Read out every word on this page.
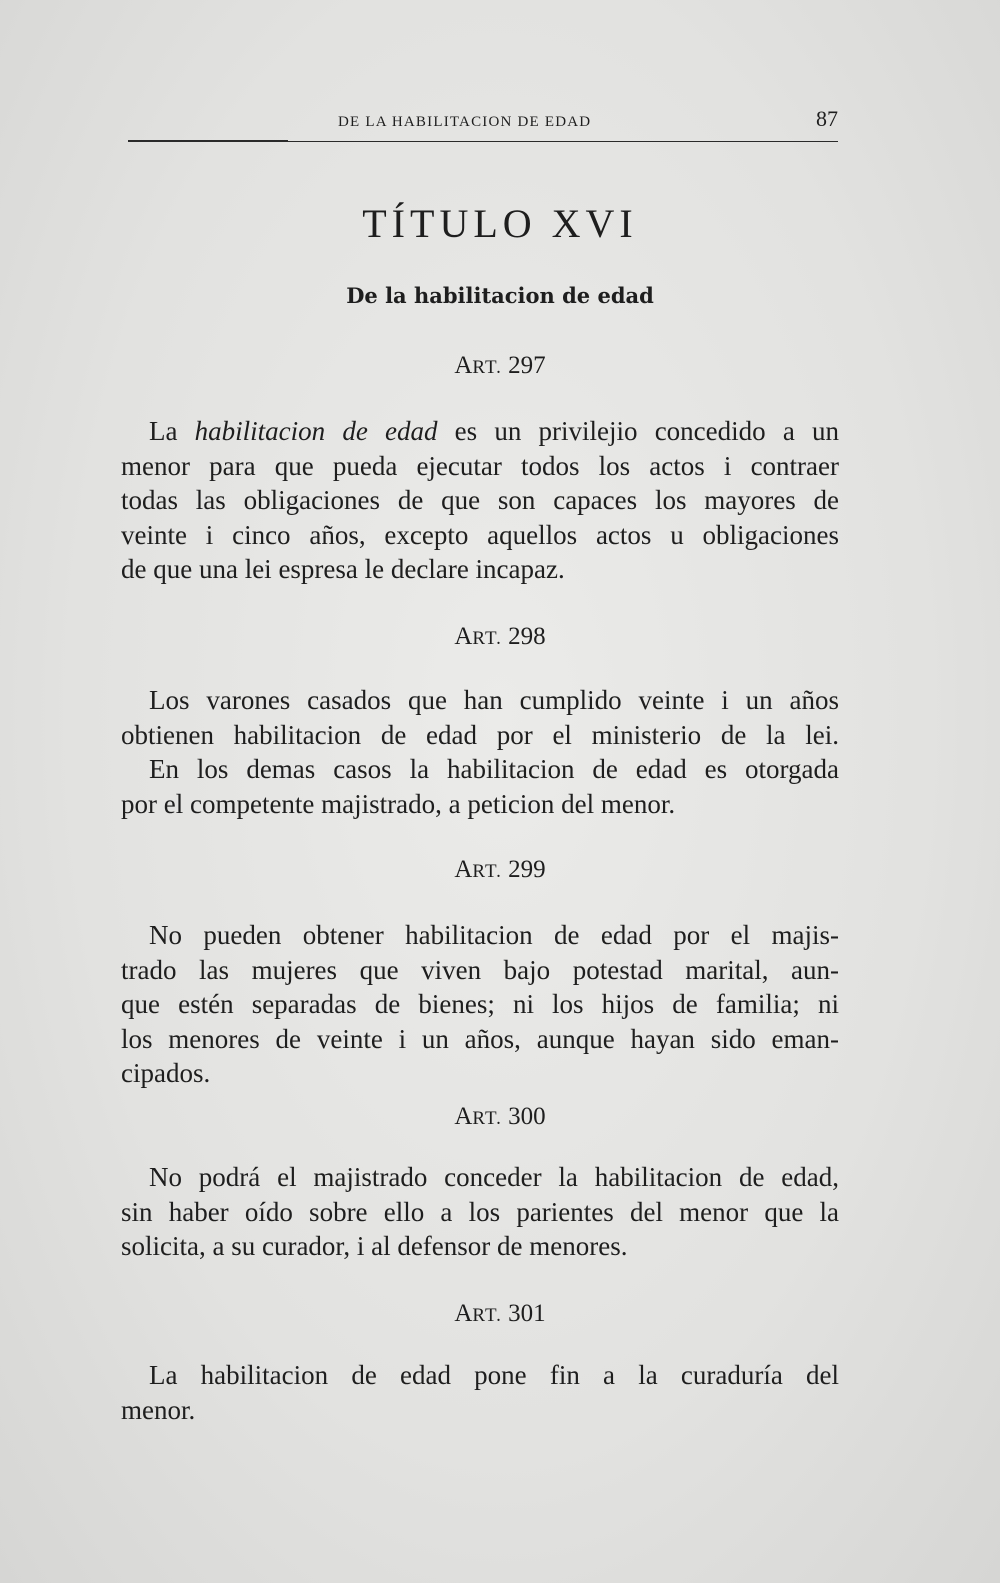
DE LA HABILITACION DE EDAD	87
TÍTULO XVI
De la habilitacion de edad
ART. 297
La habilitacion de edad es un privilejio concedido a un
menor para que pueda ejecutar todos los actos i contraer
todas las obligaciones de que son capaces los mayores de
veinte i cinco años, excepto aquellos actos u obligaciones
de que una lei espresa le declare incapaz.
ART. 298
Los varones casados que han cumplido veinte i un años
obtienen habilitacion de edad por el ministerio de la lei.
En los demas casos la habilitacion de edad es otorgada
por el competente majistrado, a peticion del menor.
ART. 299
No pueden obtener habilitacion de edad por el majis-
trado las mujeres que viven bajo potestad marital, aun-
que estén separadas de bienes; ni los hijos de familia; ni
los menores de veinte i un años, aunque hayan sido eman-
cipados.
ART. 300
No podrá el majistrado conceder la habilitacion de edad,
sin haber oído sobre ello a los parientes del menor que la
solicita, a su curador, i al defensor de menores.
ART. 301
La habilitacion de edad pone fin a la curaduría del
menor.
